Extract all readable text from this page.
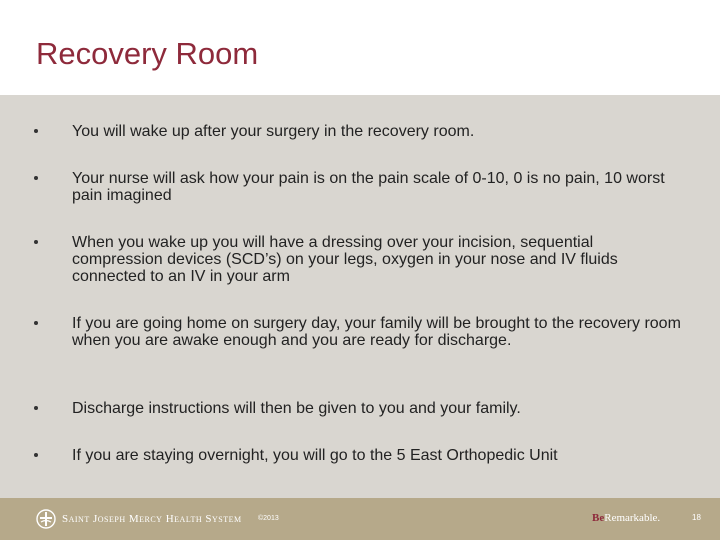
Recovery Room
You will wake up after your surgery in the recovery room.
Your nurse will ask how your pain is on the pain scale of 0-10, 0 is no pain, 10 worst pain imagined
When you wake up you will have a dressing over your incision, sequential compression devices (SCD’s) on your legs, oxygen in your nose and IV fluids connected to an IV in your arm
If you are going home on surgery day, your family will be brought to the recovery room when you are awake enough and you are ready for discharge.
Discharge instructions will then be given to you and your family.
If you are staying overnight, you will go to the 5 East Orthopedic Unit
Saint Joseph Mercy Health System ©2013	BeRemarkable.	18
